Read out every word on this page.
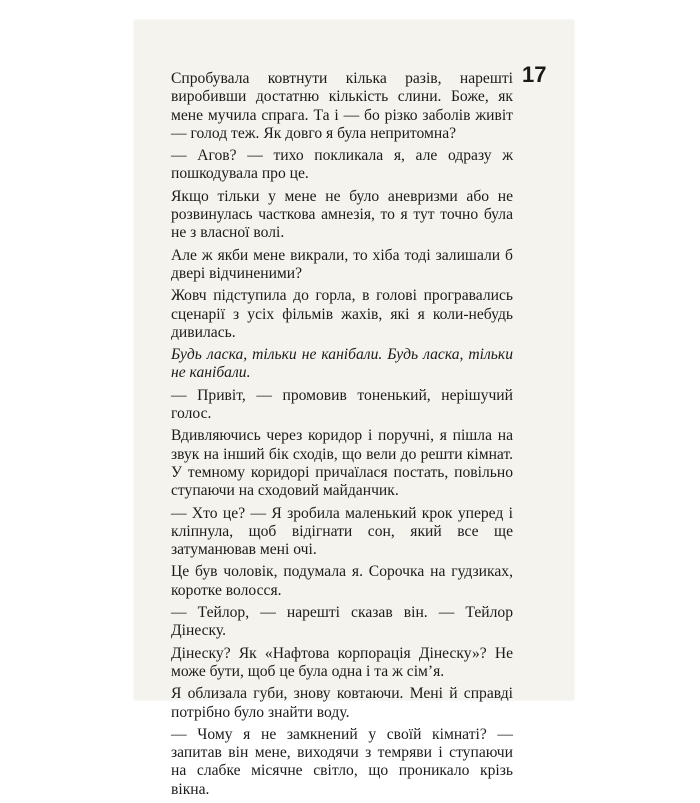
17

Спробувала ковтнути кілька разів, нарешті виробивши достатню кількість слини. Боже, як мене мучила спрага. Та і — бо різко заболів живіт — голод теж. Як довго я була непритомна?

— Агов? — тихо покликала я, але одразу ж пошкодувала про це.

Якщо тільки у мене не було аневризми або не розвинулась часткова амнезія, то я тут точно була не з власної волі.

Але ж якби мене викрали, то хіба тоді залишали б двері відчиненими?

Жовч підступила до горла, в голові програвались сценарії з усіх фільмів жахів, які я коли-небудь дивилась.

Будь ласка, тільки не канібали. Будь ласка, тільки не канібали.

— Привіт, — промовив тоненький, нерішучий голос.

Вдивляючись через коридор і поручні, я пішла на звук на інший бік сходів, що вели до решти кімнат. У темному коридорі причаїлася постать, повільно ступаючи на сходовий майданчик.

— Хто це? — Я зробила маленький крок уперед і кліпнула, щоб відігнати сон, який все ще затуманював мені очі.

Це був чоловік, подумала я. Сорочка на гудзиках, коротке волосся.

— Тейлор, — нарешті сказав він. — Тейлор Дінеску.

Дінеску? Як «Нафтова корпорація Дінеску»? Не може бути, щоб це була одна і та ж сім’я.

Я облизала губи, знову ковтаючи. Мені й справді потрібно було знайти воду.

— Чому я не замкнений у своїй кімнаті? — запитав він мене, виходячи з темряви і ступаючи на слабке місячне світло, що проникало крізь вікна.
